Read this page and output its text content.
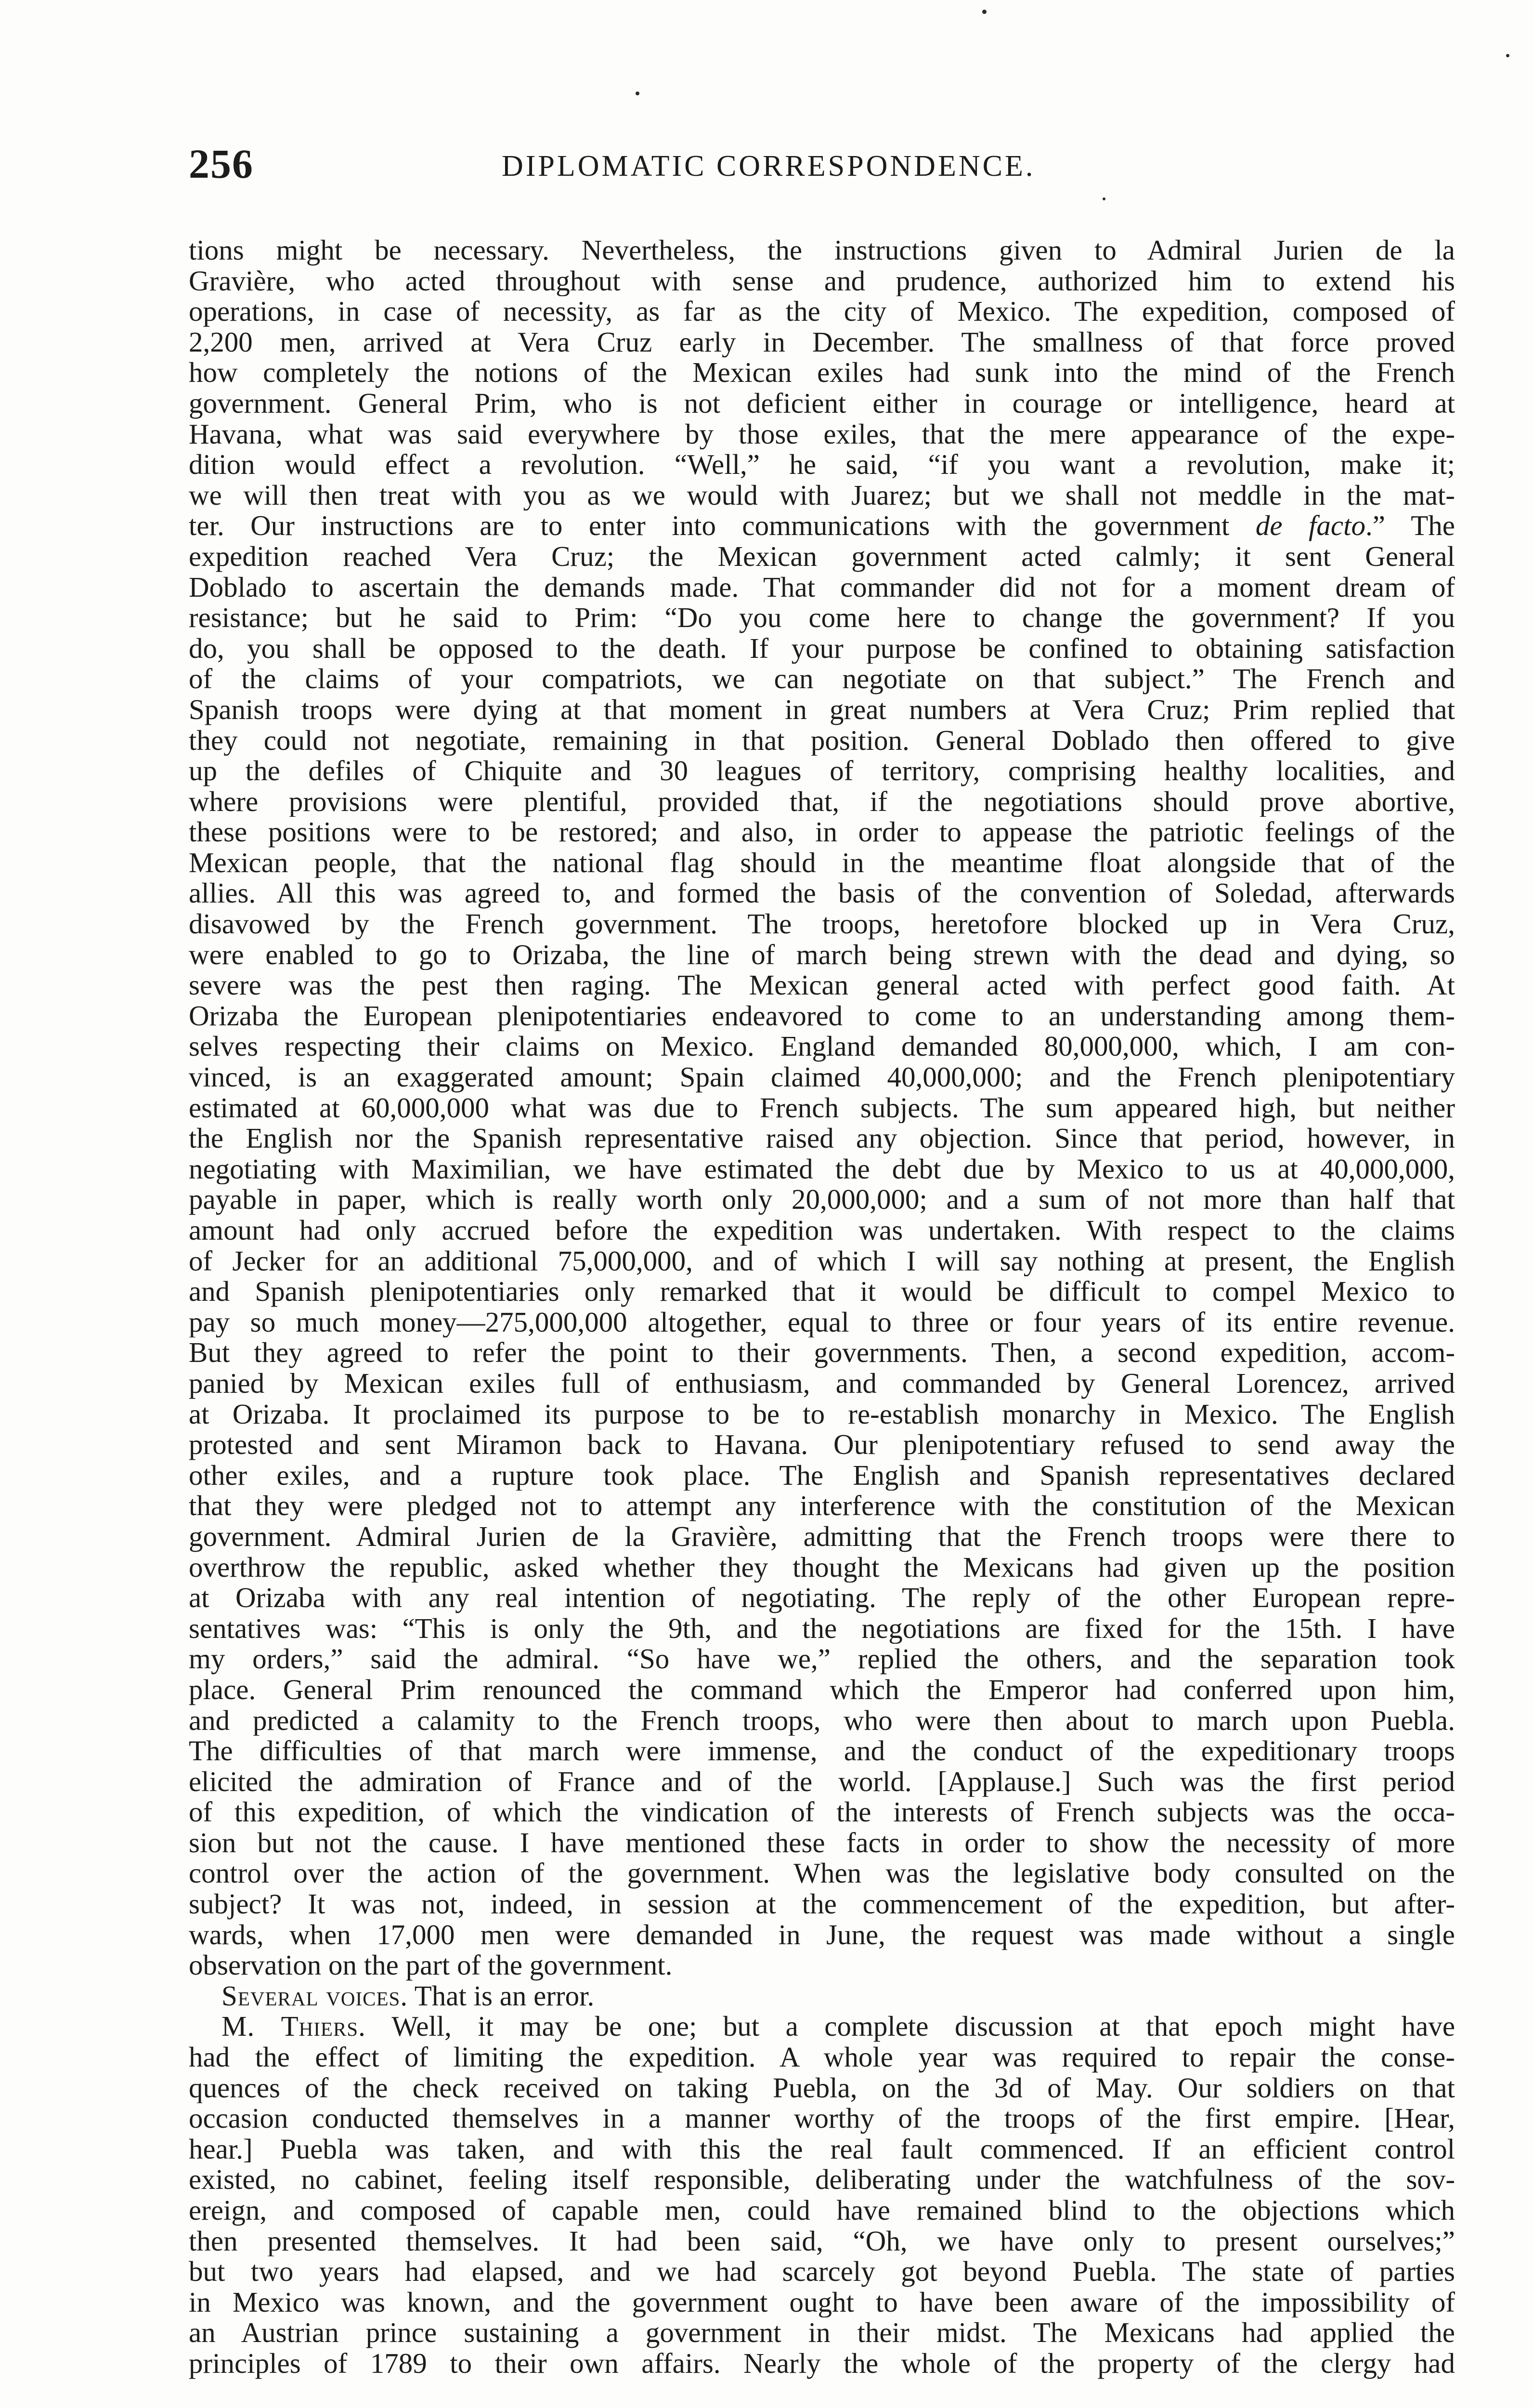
256	DIPLOMATIC CORRESPONDENCE.
tions might be necessary. Nevertheless, the instructions given to Admiral Jurien de la
Gravière, who acted throughout with sense and prudence, authorized him to extend his
operations, in case of necessity, as far as the city of Mexico. The expedition, composed of
2,200 men, arrived at Vera Cruz early in December. The smallness of that force proved
how completely the notions of the Mexican exiles had sunk into the mind of the French
government. General Prim, who is not deficient either in courage or intelligence, heard at
Havana, what was said everywhere by those exiles, that the mere appearance of the expe-
dition would effect a revolution. “Well,” he said, “if you want a revolution, make it;
we will then treat with you as we would with Juarez; but we shall not meddle in the mat-
ter. Our instructions are to enter into communications with the government de facto.” The
expedition reached Vera Cruz; the Mexican government acted calmly; it sent General
Doblado to ascertain the demands made. That commander did not for a moment dream of
resistance; but he said to Prim: “Do you come here to change the government? If you
do, you shall be opposed to the death. If your purpose be confined to obtaining satisfaction
of the claims of your compatriots, we can negotiate on that subject.” The French and
Spanish troops were dying at that moment in great numbers at Vera Cruz; Prim replied that
they could not negotiate, remaining in that position. General Doblado then offered to give
up the defiles of Chiquite and 30 leagues of territory, comprising healthy localities, and
where provisions were plentiful, provided that, if the negotiations should prove abortive,
these positions were to be restored; and also, in order to appease the patriotic feelings of the
Mexican people, that the national flag should in the meantime float alongside that of the
allies. All this was agreed to, and formed the basis of the convention of Soledad, afterwards
disavowed by the French government. The troops, heretofore blocked up in Vera Cruz,
were enabled to go to Orizaba, the line of march being strewn with the dead and dying, so
severe was the pest then raging. The Mexican general acted with perfect good faith. At
Orizaba the European plenipotentiaries endeavored to come to an understanding among them-
selves respecting their claims on Mexico. England demanded 80,000,000, which, I am con-
vinced, is an exaggerated amount; Spain claimed 40,000,000; and the French plenipotentiary
estimated at 60,000,000 what was due to French subjects. The sum appeared high, but neither
the English nor the Spanish representative raised any objection. Since that period, however, in
negotiating with Maximilian, we have estimated the debt due by Mexico to us at 40,000,000,
payable in paper, which is really worth only 20,000,000; and a sum of not more than half that
amount had only accrued before the expedition was undertaken. With respect to the claims
of Jecker for an additional 75,000,000, and of which I will say nothing at present, the English
and Spanish plenipotentiaries only remarked that it would be difficult to compel Mexico to
pay so much money—275,000,000 altogether, equal to three or four years of its entire revenue.
But they agreed to refer the point to their governments. Then, a second expedition, accom-
panied by Mexican exiles full of enthusiasm, and commanded by General Lorencez, arrived
at Orizaba. It proclaimed its purpose to be to re-establish monarchy in Mexico. The English
protested and sent Miramon back to Havana. Our plenipotentiary refused to send away the
other exiles, and a rupture took place. The English and Spanish representatives declared
that they were pledged not to attempt any interference with the constitution of the Mexican
government. Admiral Jurien de la Gravière, admitting that the French troops were there to
overthrow the republic, asked whether they thought the Mexicans had given up the position
at Orizaba with any real intention of negotiating. The reply of the other European repre-
sentatives was: “This is only the 9th, and the negotiations are fixed for the 15th. I have
my orders,” said the admiral. “So have we,” replied the others, and the separation took
place. General Prim renounced the command which the Emperor had conferred upon him,
and predicted a calamity to the French troops, who were then about to march upon Puebla.
The difficulties of that march were immense, and the conduct of the expeditionary troops
elicited the admiration of France and of the world. [Applause.] Such was the first period
of this expedition, of which the vindication of the interests of French subjects was the occa-
sion but not the cause. I have mentioned these facts in order to show the necessity of more
control over the action of the government. When was the legislative body consulted on the
subject? It was not, indeed, in session at the commencement of the expedition, but after-
wards, when 17,000 men were demanded in June, the request was made without a single
observation on the part of the government.
Several voices. That is an error.
M. Thiers. Well, it may be one; but a complete discussion at that epoch might have
had the effect of limiting the expedition. A whole year was required to repair the conse-
quences of the check received on taking Puebla, on the 3d of May. Our soldiers on that
occasion conducted themselves in a manner worthy of the troops of the first empire. [Hear,
hear.] Puebla was taken, and with this the real fault commenced. If an efficient control
existed, no cabinet, feeling itself responsible, deliberating under the watchfulness of the sov-
ereign, and composed of capable men, could have remained blind to the objections which
then presented themselves. It had been said, “Oh, we have only to present ourselves;”
but two years had elapsed, and we had scarcely got beyond Puebla. The state of parties
in Mexico was known, and the government ought to have been aware of the impossibility of
an Austrian prince sustaining a government in their midst. The Mexicans had applied the
principles of 1789 to their own affairs. Nearly the whole of the property of the clergy had
